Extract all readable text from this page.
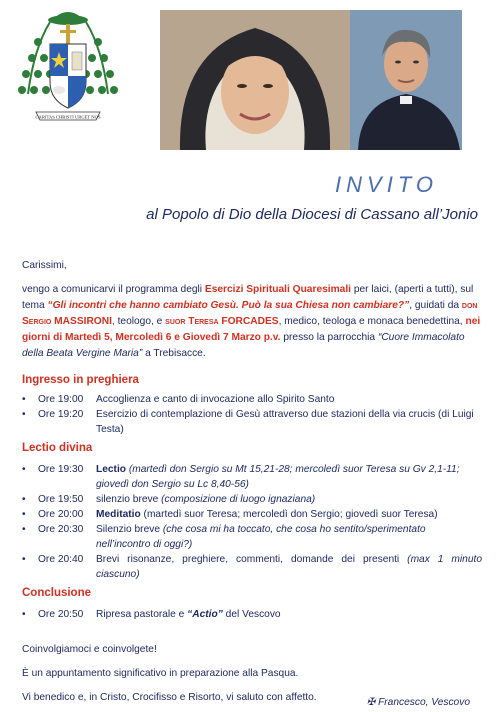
CARITAS CHRISTI URGET NOS
INVITO
al Popolo di Dio della Diocesi di Cassano all’Jonio

Carissimi,

vengo a comunicarvi il programma degli Esercizi Spirituali Quaresimali per laici, (aperti a tutti), sul tema “Gli incontri che hanno cambiato Gesù. Può la sua Chiesa non cambiare?”, guidati da don Sergio MASSIRONI, teologo, e suor Teresa FORCADES, medico, teologa e monaca benedettina, nei giorni di Martedì 5, Mercoledì 6 e Giovedì 7 Marzo p.v. presso la parrocchia “Cuore Immacolato della Beata Vergine Maria” a Trebisacce.

Ingresso in preghiera

•
Ore 19:00	Accoglienza e canto di invocazione allo Spirito Santo
•
Ore 19:20	Esercizio di contemplazione di Gesù attraverso due stazioni della via crucis (di Luigi Testa)

Lectio divina

•
Ore 19:30	Lectio (martedì don Sergio su Mt 15,21-28; mercoledì suor Teresa su Gv 2,1-11; giovedì don Sergio su Lc 8,40-56)
•
Ore 19:50	silenzio breve (composizione di luogo ignaziana)
•
Ore 20:00	Meditatio (martedì suor Teresa; mercoledì don Sergio; giovedì suor Teresa)
•
Ore 20:30	Silenzio breve (che cosa mi ha toccato, che cosa ho sentito/sperimentato nell’incontro di oggi?)
•
Ore 20:40	Brevi risonanze, preghiere, commenti, domande dei presenti (max 1 minuto ciascuno)

Conclusione

•
Ore 20:50	Ripresa pastorale e “Actio” del Vescovo

Coinvolgiamoci e coinvolgete!

È un appuntamento significativo in preparazione alla Pasqua.

Vi benedico e, in Cristo, Crocifisso e Risorto, vi saluto con affetto.	✠ Francesco, Vescovo
